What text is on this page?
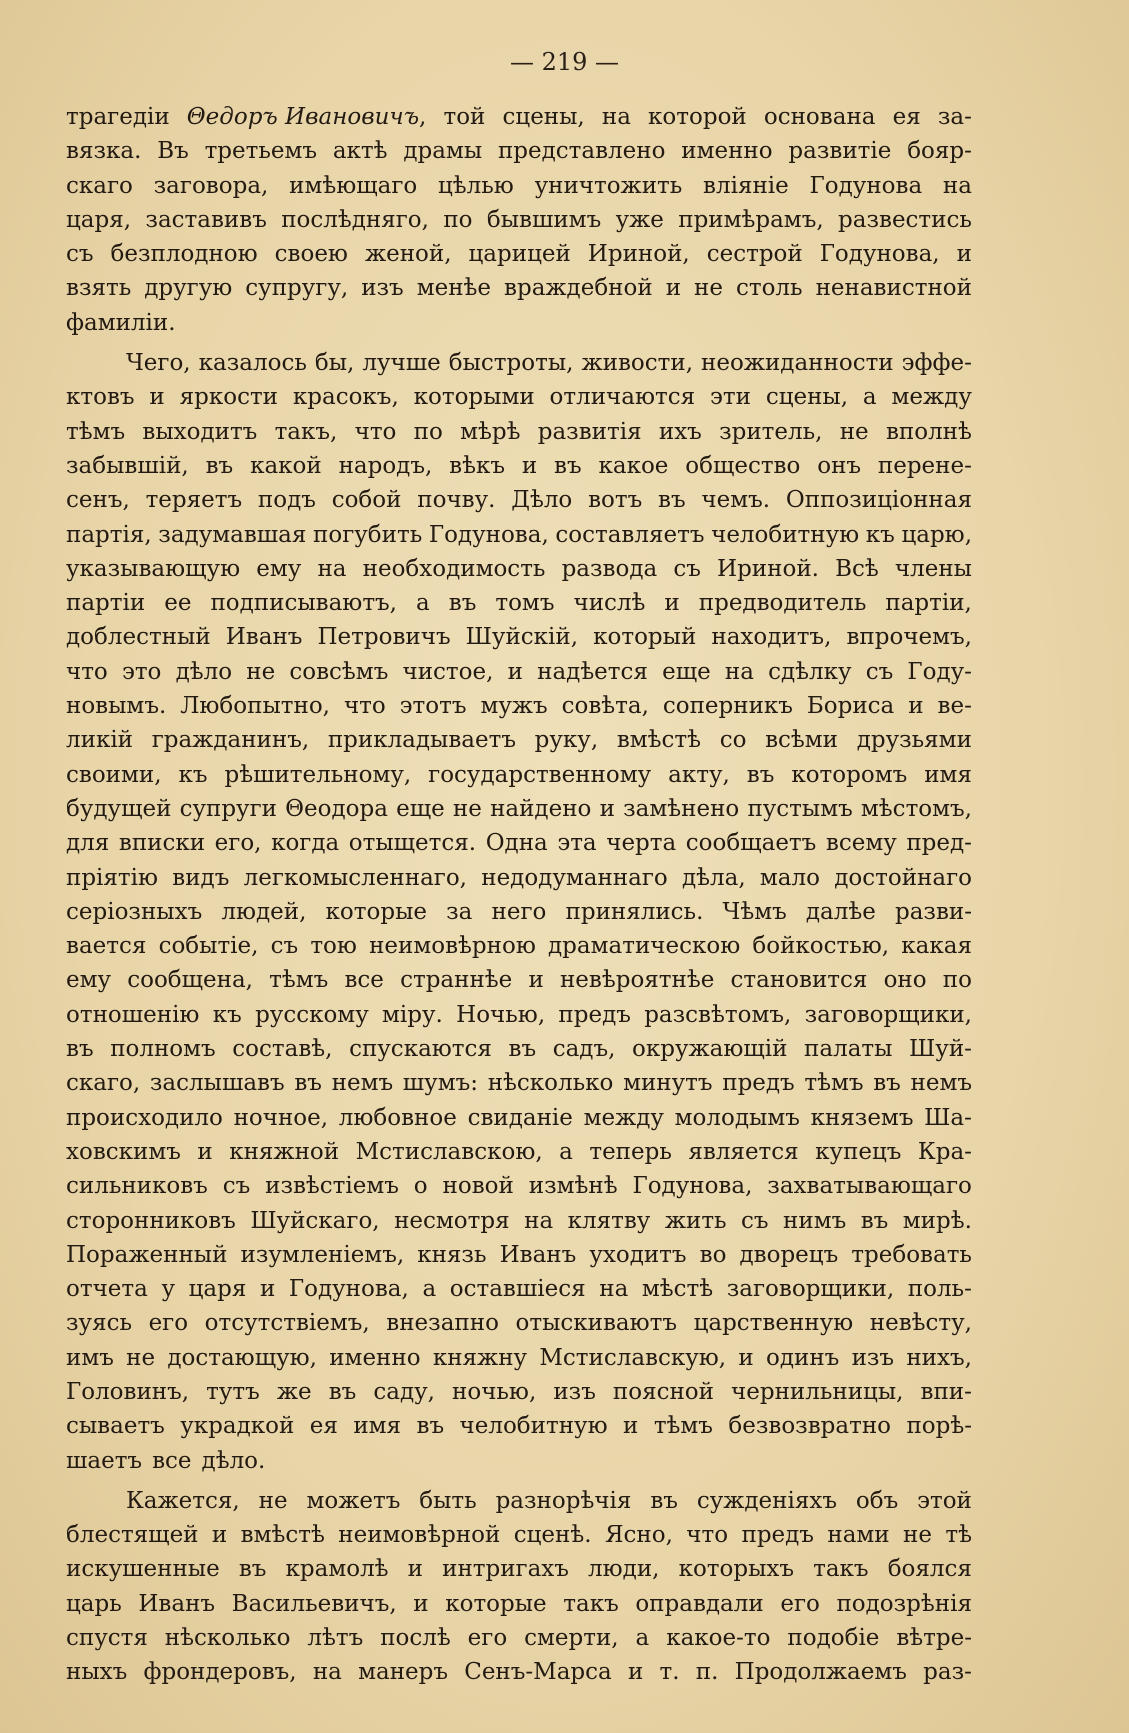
— 219 —
трагедіи Θедоръ Ивановичъ, той сцены, на которой основана ея за-
вязка. Въ третьемъ актѣ драмы представлено именно развитіе бояр-
скаго заговора, имѣющаго цѣлью уничтожить вліяніе Годунова на
царя, заставивъ послѣдняго, по бывшимъ уже примѣрамъ, развестись
съ безплодною своею женой, царицей Ириной, сестрой Годунова, и
взять другую супругу, изъ менѣе враждебной и не столь ненавистной
фамиліи.
Чего, казалось бы, лучше быстроты, живости, неожиданности эффе-
ктовъ и яркости красокъ, которыми отличаются эти сцены, а между
тѣмъ выходитъ такъ, что по мѣрѣ развитія ихъ зритель, не вполнѣ
забывшій, въ какой народъ, вѣкъ и въ какое общество онъ перене-
сенъ, теряетъ подъ собой почву. Дѣло вотъ въ чемъ. Оппозиціонная
партія, задумавшая погубить Годунова, составляетъ челобитную къ царю,
указывающую ему на необходимость развода съ Ириной. Всѣ члены
партіи ее подписываютъ, а въ томъ числѣ и предводитель партіи,
доблестный Иванъ Петровичъ Шуйскій, который находитъ, впрочемъ,
что это дѣло не совсѣмъ чистое, и надѣется еще на сдѣлку съ Году-
новымъ. Любопытно, что этотъ мужъ совѣта, соперникъ Бориса и ве-
ликій гражданинъ, прикладываетъ руку, вмѣстѣ со всѣми друзьями
своими, къ рѣшительному, государственному акту, въ которомъ имя
будущей супруги Θеодора еще не найдено и замѣнено пустымъ мѣстомъ,
для вписки его, когда отыщется. Одна эта черта сообщаетъ всему пред-
пріятію видъ легкомысленнаго, недодуманнаго дѣла, мало достойнаго
серіозныхъ людей, которые за него принялись. Чѣмъ далѣе разви-
вается событіе, съ тою неимовѣрною драматическою бойкостью, какая
ему сообщена, тѣмъ все страннѣе и невѣроятнѣе становится оно по
отношенію къ русскому міру. Ночью, предъ разсвѣтомъ, заговорщики,
въ полномъ составѣ, спускаются въ садъ, окружающій палаты Шуй-
скаго, заслышавъ въ немъ шумъ: нѣсколько минутъ предъ тѣмъ въ немъ
происходило ночное, любовное свиданіе между молодымъ княземъ Ша-
ховскимъ и княжной Мстиславскою, а теперь является купецъ Кра-
сильниковъ съ извѣстіемъ о новой измѣнѣ Годунова, захватывающаго
сторонниковъ Шуйскаго, несмотря на клятву жить съ нимъ въ мирѣ.
Пораженный изумленіемъ, князь Иванъ уходитъ во дворецъ требовать
отчета у царя и Годунова, а оставшіеся на мѣстѣ заговорщики, поль-
зуясь его отсутствіемъ, внезапно отыскиваютъ царственную невѣсту,
имъ не достающую, именно княжну Мстиславскую, и одинъ изъ нихъ,
Головинъ, тутъ же въ саду, ночью, изъ поясной чернильницы, впи-
сываетъ украдкой ея имя въ челобитную и тѣмъ безвозвратно порѣ-
шаетъ все дѣло.
Кажется, не можетъ быть разнорѣчія въ сужденіяхъ объ этой
блестящей и вмѣстѣ неимовѣрной сценѣ. Ясно, что предъ нами не тѣ
искушенные въ крамолѣ и интригахъ люди, которыхъ такъ боялся
царь Иванъ Васильевичъ, и которые такъ оправдали его подозрѣнія
спустя нѣсколько лѣтъ послѣ его смерти, а какое-то подобіе вѣтре-
ныхъ фрондеровъ, на манеръ Сенъ-Марса и т. п. Продолжаемъ раз-
